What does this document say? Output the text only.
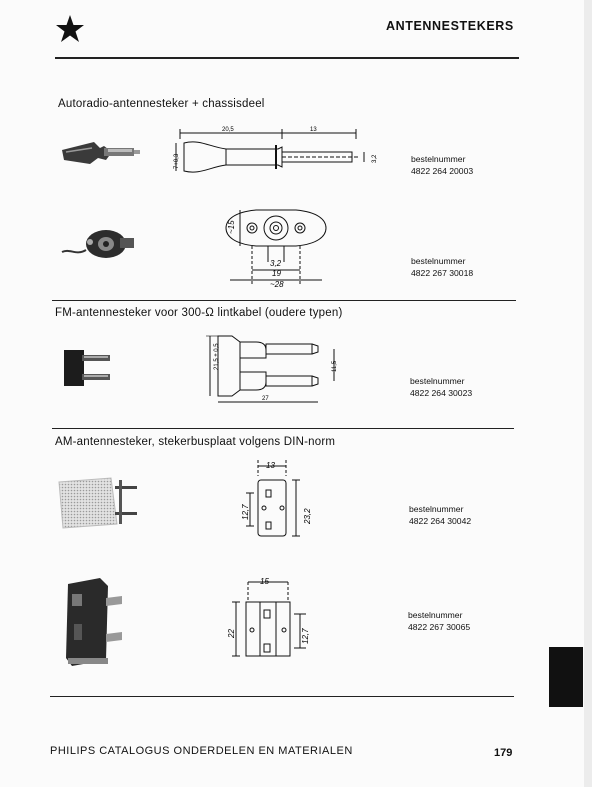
ANTENNESTEKERS
Autoradio-antennesteker + chassisdeel
20,5	13
7+0,3	3,2	bestelnummer
4822 264 20003
~15
3,2
19
~28
bestelnummer
4822 267 30018
FM-antennesteker voor 300-Ω lintkabel (oudere typen)
21,5 ± 0,5	11,5
27
bestelnummer
4822 264 30023
AM-antennesteker, stekerbusplaat volgens DIN-norm
13
12,7	23,2	bestelnummer
4822 264 30042
15
22	12,7
bestelnummer
4822 267 30065
PHILIPS CATALOGUS ONDERDELEN EN MATERIALEN	179
